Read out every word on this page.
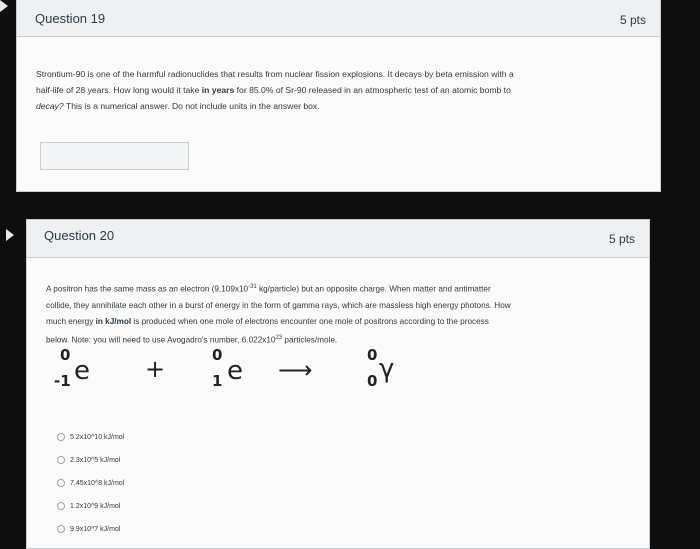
Question 19	5 pts
Strontium-90 is one of the harmful radionuclides that results from nuclear fission explosions. It decays by beta emission with a
half-life of 28 years. How long would it take in years for 85.0% of Sr-90 released in an atmospheric test of an atomic bomb to
decay? This is a numerical answer. Do not include units in the answer box.
Question 20	5 pts
A positron has the same mass as an electron ($9.109x10^{-31}$ kg/particle) but an opposite charge. When matter and antimatter
collide, they annihilate each other in a burst of energy in the form of gamma rays, which are massless high energy photons. How
much energy in kJ/mol is produced when one mole of electrons encounter one mole of positrons according to the process
below. Note: you will need to use Avogadro's number, $6.022x10^{23}$ particles/mole.
0
-1 e +	0
1 e ⟶
0
0 γ
5.2x10^10 kJ/mol
2.3x10^5 kJ/mol
7.45x10^8 kJ/mol
1.2x10^9 kJ/mol
9.9x10^7 kJ/mol
